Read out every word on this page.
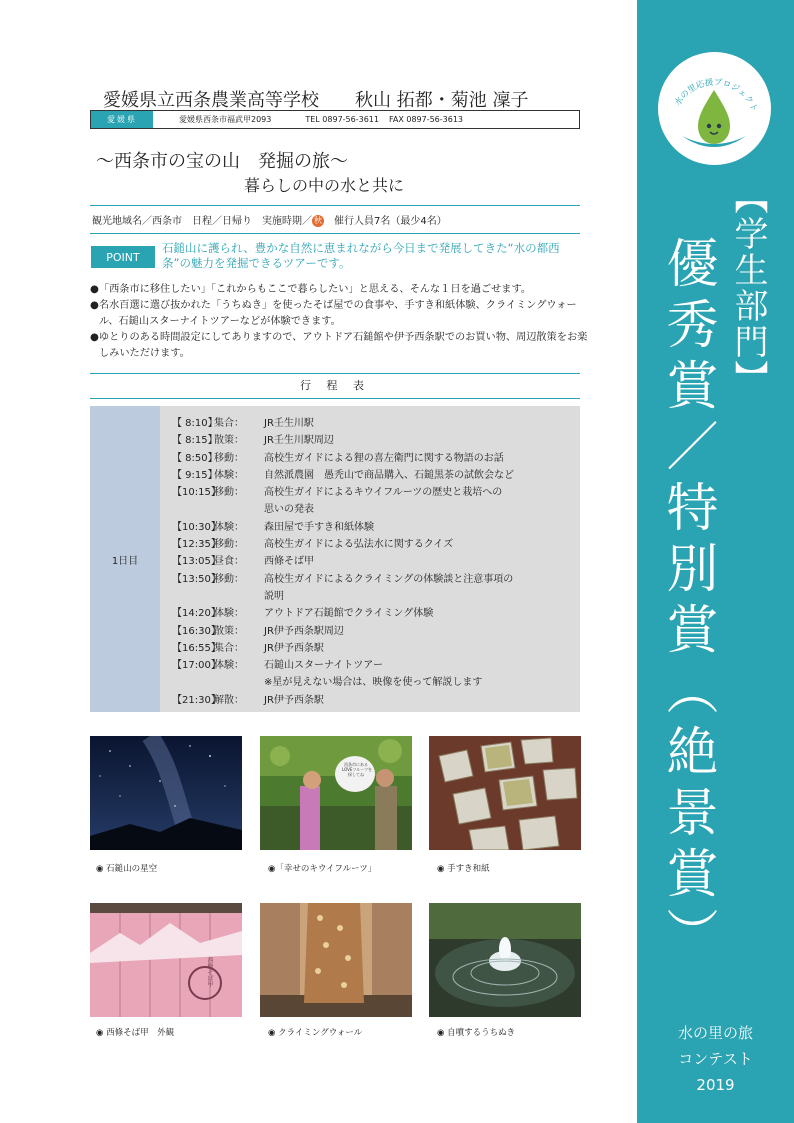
水の里応援プロジェクト
【学生部門】
優秀賞／特別賞（絶景賞）
水の里の旅
コンテスト
2019
愛媛県立西条農業高等学校　　秋山 拓都・菊池 凜子
愛媛県	愛媛県西条市福武甲2093	TEL 0897-56-3611 FAX 0897-56-3613
〜西条市の宝の山　発掘の旅〜
暮らしの中の水と共に
観光地域名／西条市　日程／日帰り　実施時期／ 秋　催行人員7名（最少4名）
POINT
石鎚山に護られ、豊かな自然に恵まれながら今日まで発展してきた“水の都西条”の魅力を発掘できるツアーです。
●「西条市に移住したい」「これからもここで暮らしたい」と思える、そんな１日を過ごせます。
●名水百選に選び抜かれた「うちぬき」を使ったそば屋での食事や、手すき和紙体験、クライミングウォール、石鎚山スターナイトツアーなどが体験できます。
●ゆとりのある時間設定にしてありますので、アウトドア石鎚館や伊予西条駅でのお買い物、周辺散策をお楽しみいただけます。
行 程 表
1日目
【 8:10】
集合：	JR壬生川駅
【 8:15】
散策：	JR壬生川駅周辺
【 8:50】
移動：	高校生ガイドによる狸の喜左衛門に関する物語のお話
【 9:15】
体験：	自然派農園　愚秃山で商品購入、石鎚黒茶の試飲会など
【10:15】
移動：	高校生ガイドによるキウイフルーツの歴史と栽培への
思いの発表
【10:30】
体験：	森田屋で手すき和紙体験
【12:35】
移動：	高校生ガイドによる弘法水に関するクイズ
【13:05】
昼食：	西條そば甲
【13:50】
移動：	高校生ガイドによるクライミングの体験談と注意事項の
説明
【14:20】
体験：	アウトドア石鎚館でクライミング体験
【16:30】
散策：	JR伊予西条駅周辺
【16:55】
集合：	JR伊予西条駅
【17:00】
体験：	石鎚山スターナイトツアー
※星が見えない場合は、映像を使って解説します
【21:30】
解散：	JR伊予西条駅
◉ 石鎚山の星空
西条市にある
LOVEフルーツを
探してね
◉「幸せのキウイフルーツ」	◉ 手すき和紙
西條そば甲
◉ 西條そば甲　外観	◉ クライミングウォール	◉ 自噴するうちぬき
